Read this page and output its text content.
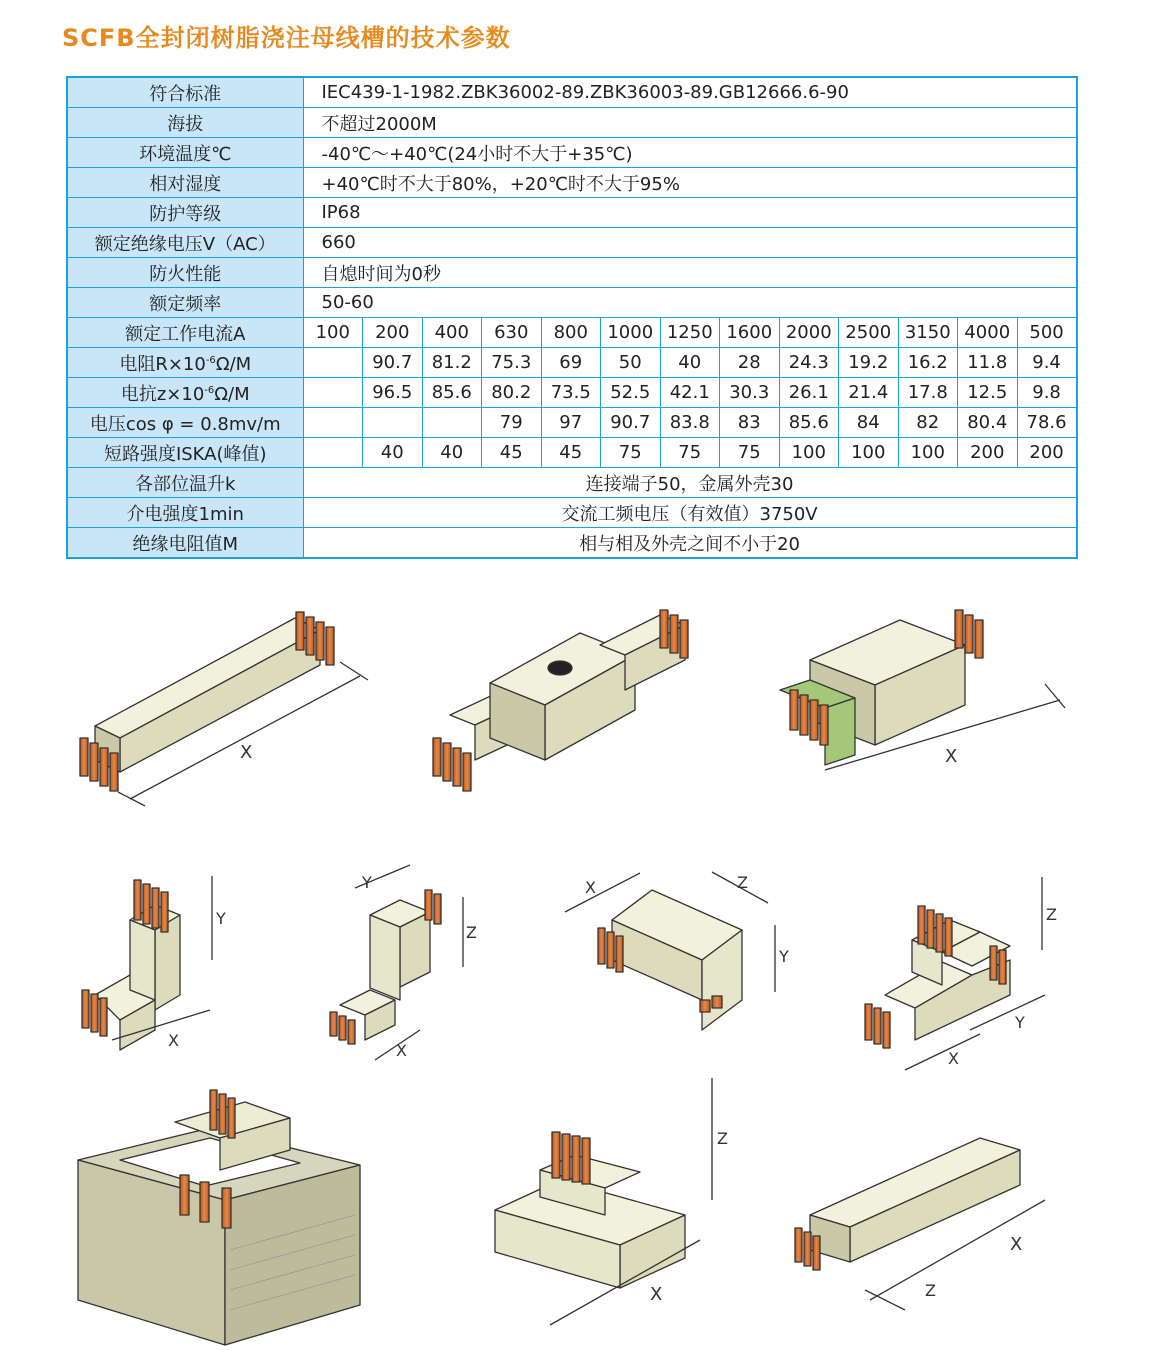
SCFB全封闭树脂浇注母线槽的技术参数
符合标准	IEC439-1-1982.ZBK36002-89.ZBK36003-89.GB12666.6-90												
海拔	不超过2000M												
环境温度℃	-40℃～+40℃(24小时不大于+35℃)												
相对湿度	+40℃时不大于80%，+20℃时不大于95%												
防护等级	IP68												
额定绝缘电压V（AC）	660												
防火性能	自熄时间为0秒												
额定频率	50-60												
额定工作电流A	100	200	400	630	800	1000	1250	1600	2000	2500	3150	4000	500
电阻$R\times 10^{-6}\Omega/M$		90.7	81.2	75.3	69	50	40	28	24.3	19.2	16.2	11.8	9.4
电抗$z\times 10^{-6}\Omega/M$		96.5	85.6	80.2	73.5	52.5	42.1	30.3	26.1	21.4	17.8	12.5	9.8
电压cos φ = 0.8mv/m				79	97	90.7	83.8	83	85.6	84	82	80.4	78.6
短路强度ISKA(峰值)		40	40	45	45	75	75	75	100	100	100	200	200
各部位温升k	连接端子50，金属外壳30												
介电强度1min	交流工频电压（有效值）3750V												
绝缘电阻值M	相与相及外壳之间不小于20												
X	X
Y
X
Z
Y
X
X	Z
Y
Z
Y
X
Z
X
X
Z
